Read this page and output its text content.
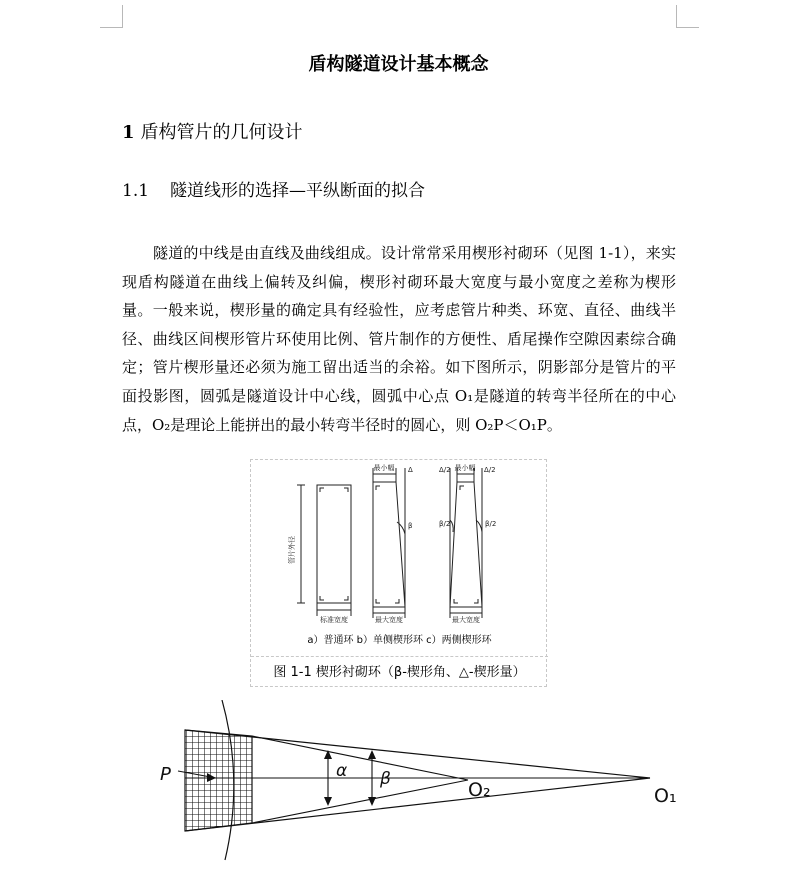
盾构隧道设计基本概念
1 盾构管片的几何设计
1.1 隧道线形的选择—平纵断面的拟合

隧道的中线是由直线及曲线组成。设计常常采用楔形衬砌环（见图 1-1），来实现盾构隧道在曲线上偏转及纠偏，楔形衬砌环最大宽度与最小宽度之差称为楔形量。一般来说，楔形量的确定具有经验性，应考虑管片种类、环宽、直径、曲线半径、曲线区间楔形管片环使用比例、管片制作的方便性、盾尾操作空隙因素综合确定；管片楔形量还必须为施工留出适当的余裕。如下图所示，阴影部分是管片的平面投影图，圆弧是隧道设计中心线，圆弧中心点 O₁是隧道的转弯半径所在的中心点，O₂是理论上能拼出的最小转弯半径时的圆心，则 O₂P＜O₁P。

管片外径
标准宽度
最小幅 Δ
最大宽度
β
最小幅
Δ/2	Δ/2
最大宽度
β/2	β/2
a）普通环 b）单侧楔形环 c）两侧楔形环
图 1-1 楔形衬砌环（β-楔形角、△-楔形量）
P	α β	O₂	O₁
